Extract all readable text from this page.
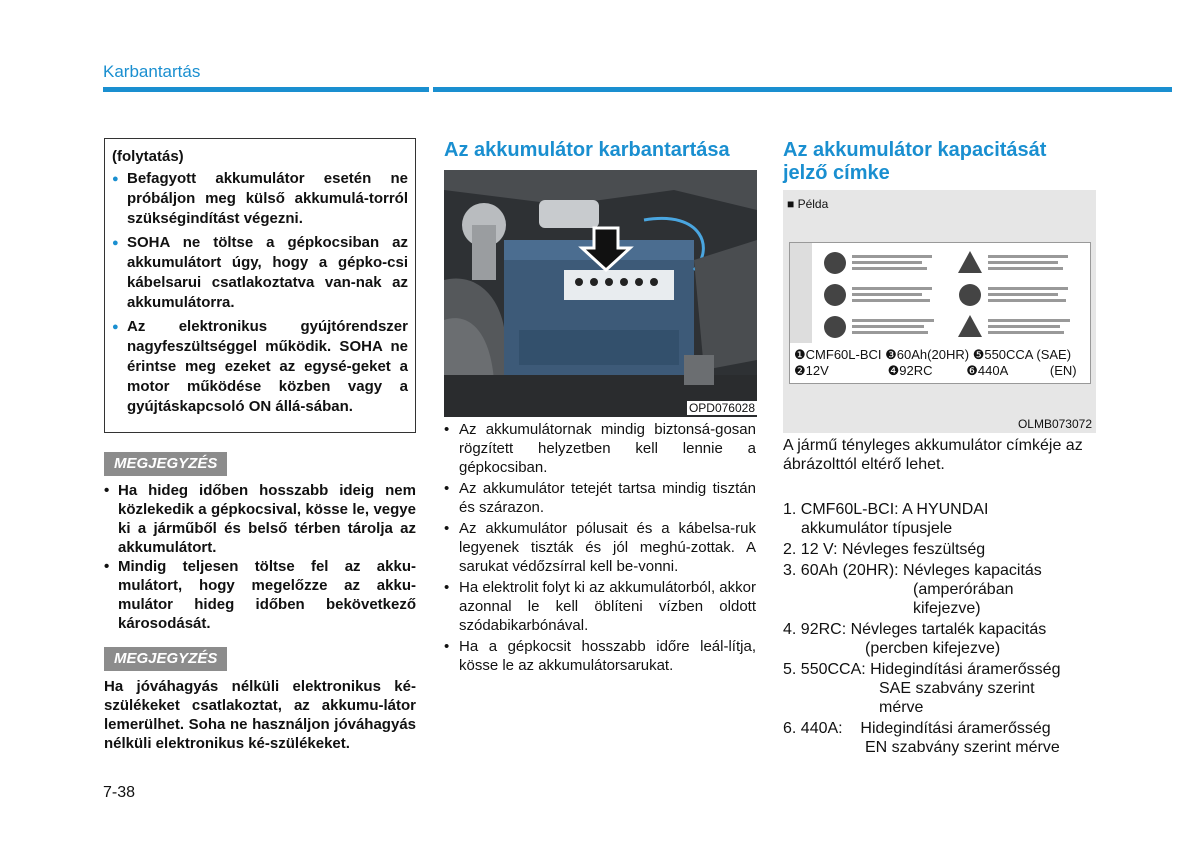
Karbantartás
(folytatás)
● Befagyott akkumulátor esetén ne próbáljon meg külső akkumulá-torról szükségindítást végezni.
● SOHA ne töltse a gépkocsiban az akkumulátort úgy, hogy a gépko-csi kábelsarui csatlakoztatva van-nak az akkumulátorra.
● Az elektronikus gyújtórendszer nagyfeszültséggel működik. SOHA ne érintse meg ezeket az egysé-geket a motor működése közben vagy a gyújtáskapcsoló ON állá-sában.
MEGJEGYZÉS
• Ha hideg időben hosszabb ideig nem közlekedik a gépkocsival, kösse le, vegye ki a járműből és belső térben tárolja az akkumulátort.
• Mindig teljesen töltse fel az akku-mulátort, hogy megelőzze az akku-mulátor hideg időben bekövetkező károsodását.
MEGJEGYZÉS
Ha jóváhagyás nélküli elektronikus ké-szülékeket csatlakoztat, az akkumu-látor lemerülhet. Soha ne használjon jóváhagyás nélküli elektronikus ké-szülékeket.
Az akkumulátor karbantartása
OPD076028
• Az akkumulátornak mindig biztonsá-gosan rögzített helyzetben kell lennie a gépkocsiban.
• Az akkumulátor tetejét tartsa mindig tisztán és szárazon.
• Az akkumulátor pólusait és a kábelsa-ruk legyenek tiszták és jól meghú-zottak. A sarukat védőzsírral kell be-vonni.
• Ha elektrolit folyt ki az akkumulátorból, akkor azonnal le kell öblíteni vízben oldott szódabikarbónával.
• Ha a gépkocsit hosszabb időre leál-lítja, kösse le az akkumulátorsarukat.
Az akkumulátor kapacitását
jelző címke
■ Példa
❶CMF60L-BCI ❸60Ah(20HR) ❺550CCA (SAE)
❷12V	❹92RC	❻440A	(EN)
OLMB073072
A jármű tényleges akkumulátor címkéje az ábrázolttól eltérő lehet.
1. CMF60L-BCI: A HYUNDAI
akkumulátor típusjele
2. 12 V: Névleges feszültség
3. 60Ah (20HR): Névleges kapacitás
(amperórában
kifejezve)
4. 92RC: Névleges tartalék kapacitás
(percben kifejezve)
5. 550CCA: Hidegindítási áramerősség
SAE szabvány szerint
mérve
6. 440A:    Hidegindítási áramerősség
EN szabvány szerint mérve
7-38
